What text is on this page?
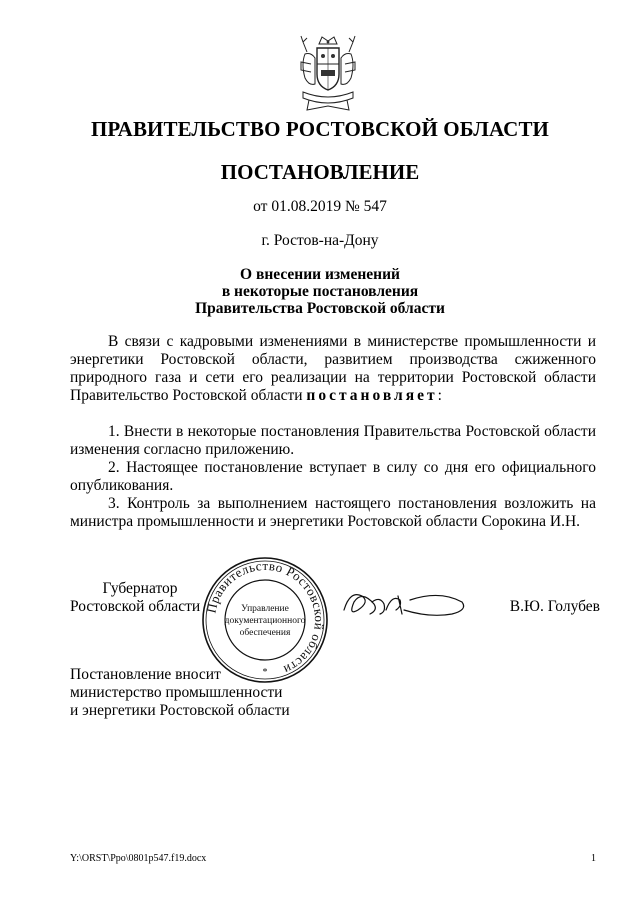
ПРАВИТЕЛЬСТВО РОСТОВСКОЙ ОБЛАСТИ
ПОСТАНОВЛЕНИЕ
от 01.08.2019 № 547
г. Ростов-на-Дону
О внесении изменений
в некоторые постановления
Правительства Ростовской области

В связи с кадровыми изменениями в министерстве промышленности и энергетики Ростовской области, развитием производства сжиженного природного газа и сети его реализации на территории Ростовской области Правительство Ростовской области постановляет:

1. Внести в некоторые постановления Правительства Ростовской области изменения согласно приложению.

2. Настоящее постановление вступает в силу со дня его официального опубликования.

3. Контроль за выполнением настоящего постановления возложить на министра промышленности и энергетики Ростовской области Сорокина И.Н.

Губернатор
Ростовской области	В.Ю. Голубев
Правительство Ростовской области
Управление
документационного
обеспечения
*
Постановление вносит
министерство промышленности
и энергетики Ростовской области
Y:\ORST\Ppo\0801p547.f19.docx	1
